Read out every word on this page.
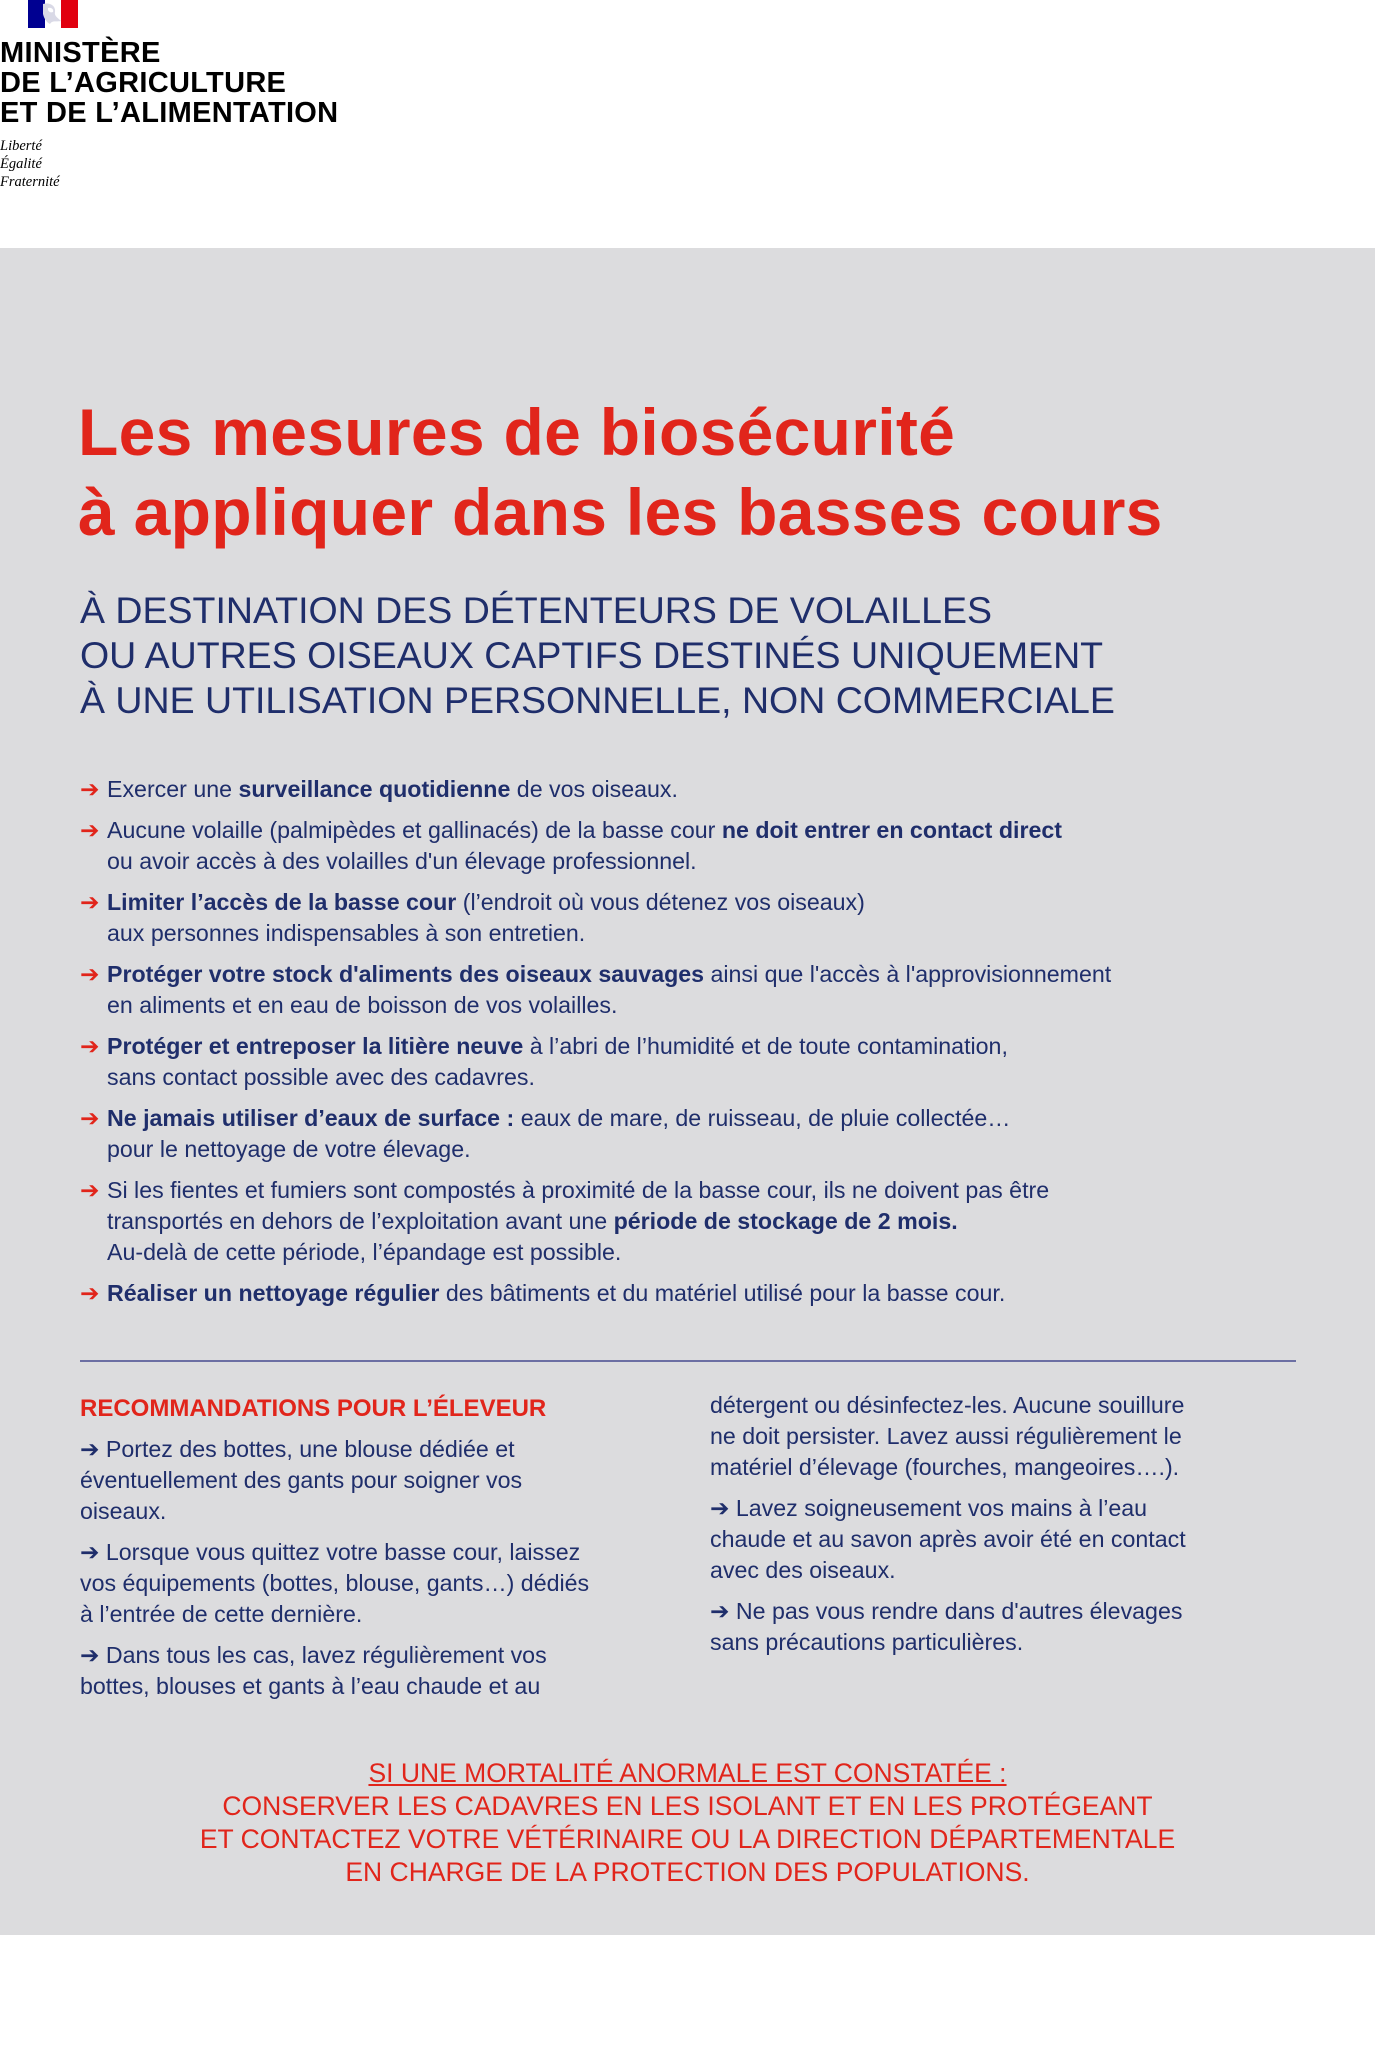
MINISTÈRE
DE L’AGRICULTURE
ET DE L’ALIMENTATION
Liberté
Égalité
Fraternité
Les mesures de biosécurité
à appliquer dans les basses cours
À DESTINATION DES DÉTENTEURS DE VOLAILLES
OU AUTRES OISEAUX CAPTIFS DESTINÉS UNIQUEMENT
À UNE UTILISATION PERSONNELLE, NON COMMERCIALE
➔ Exercer une surveillance quotidienne de vos oiseaux.
➔ Aucune volaille (palmipèdes et gallinacés) de la basse cour ne doit entrer en contact direct
ou avoir accès à des volailles d'un élevage professionnel.
➔ Limiter l’accès de la basse cour (l’endroit où vous détenez vos oiseaux)
aux personnes indispensables à son entretien.
➔ Protéger votre stock d'aliments des oiseaux sauvages ainsi que l'accès à l'approvisionnement
en aliments et en eau de boisson de vos volailles.
➔ Protéger et entreposer la litière neuve à l’abri de l’humidité et de toute contamination,
sans contact possible avec des cadavres.
➔ Ne jamais utiliser d’eaux de surface : eaux de mare, de ruisseau, de pluie collectée…
pour le nettoyage de votre élevage.
➔ Si les fientes et fumiers sont compostés à proximité de la basse cour, ils ne doivent pas être
transportés en dehors de l’exploitation avant une période de stockage de 2 mois.
Au-delà de cette période, l’épandage est possible.
➔ Réaliser un nettoyage régulier des bâtiments et du matériel utilisé pour la basse cour.
RECOMMANDATIONS POUR L’ÉLEVEUR

➔ Portez des bottes, une blouse dédiée et
éventuellement des gants pour soigner vos
oiseaux.

➔ Lorsque vous quittez votre basse cour, laissez
vos équipements (bottes, blouse, gants…) dédiés
à l’entrée de cette dernière.

➔ Dans tous les cas, lavez régulièrement vos
bottes, blouses et gants à l’eau chaude et au

détergent ou désinfectez-les. Aucune souillure
ne doit persister. Lavez aussi régulièrement le
matériel d’élevage (fourches, mangeoires….).

➔ Lavez soigneusement vos mains à l’eau
chaude et au savon après avoir été en contact
avec des oiseaux.

➔ Ne pas vous rendre dans d'autres élevages
sans précautions particulières.

SI UNE MORTALITÉ ANORMALE EST CONSTATÉE :
CONSERVER LES CADAVRES EN LES ISOLANT ET EN LES PROTÉGEANT
ET CONTACTEZ VOTRE VÉTÉRINAIRE OU LA DIRECTION DÉPARTEMENTALE
EN CHARGE DE LA PROTECTION DES POPULATIONS.
